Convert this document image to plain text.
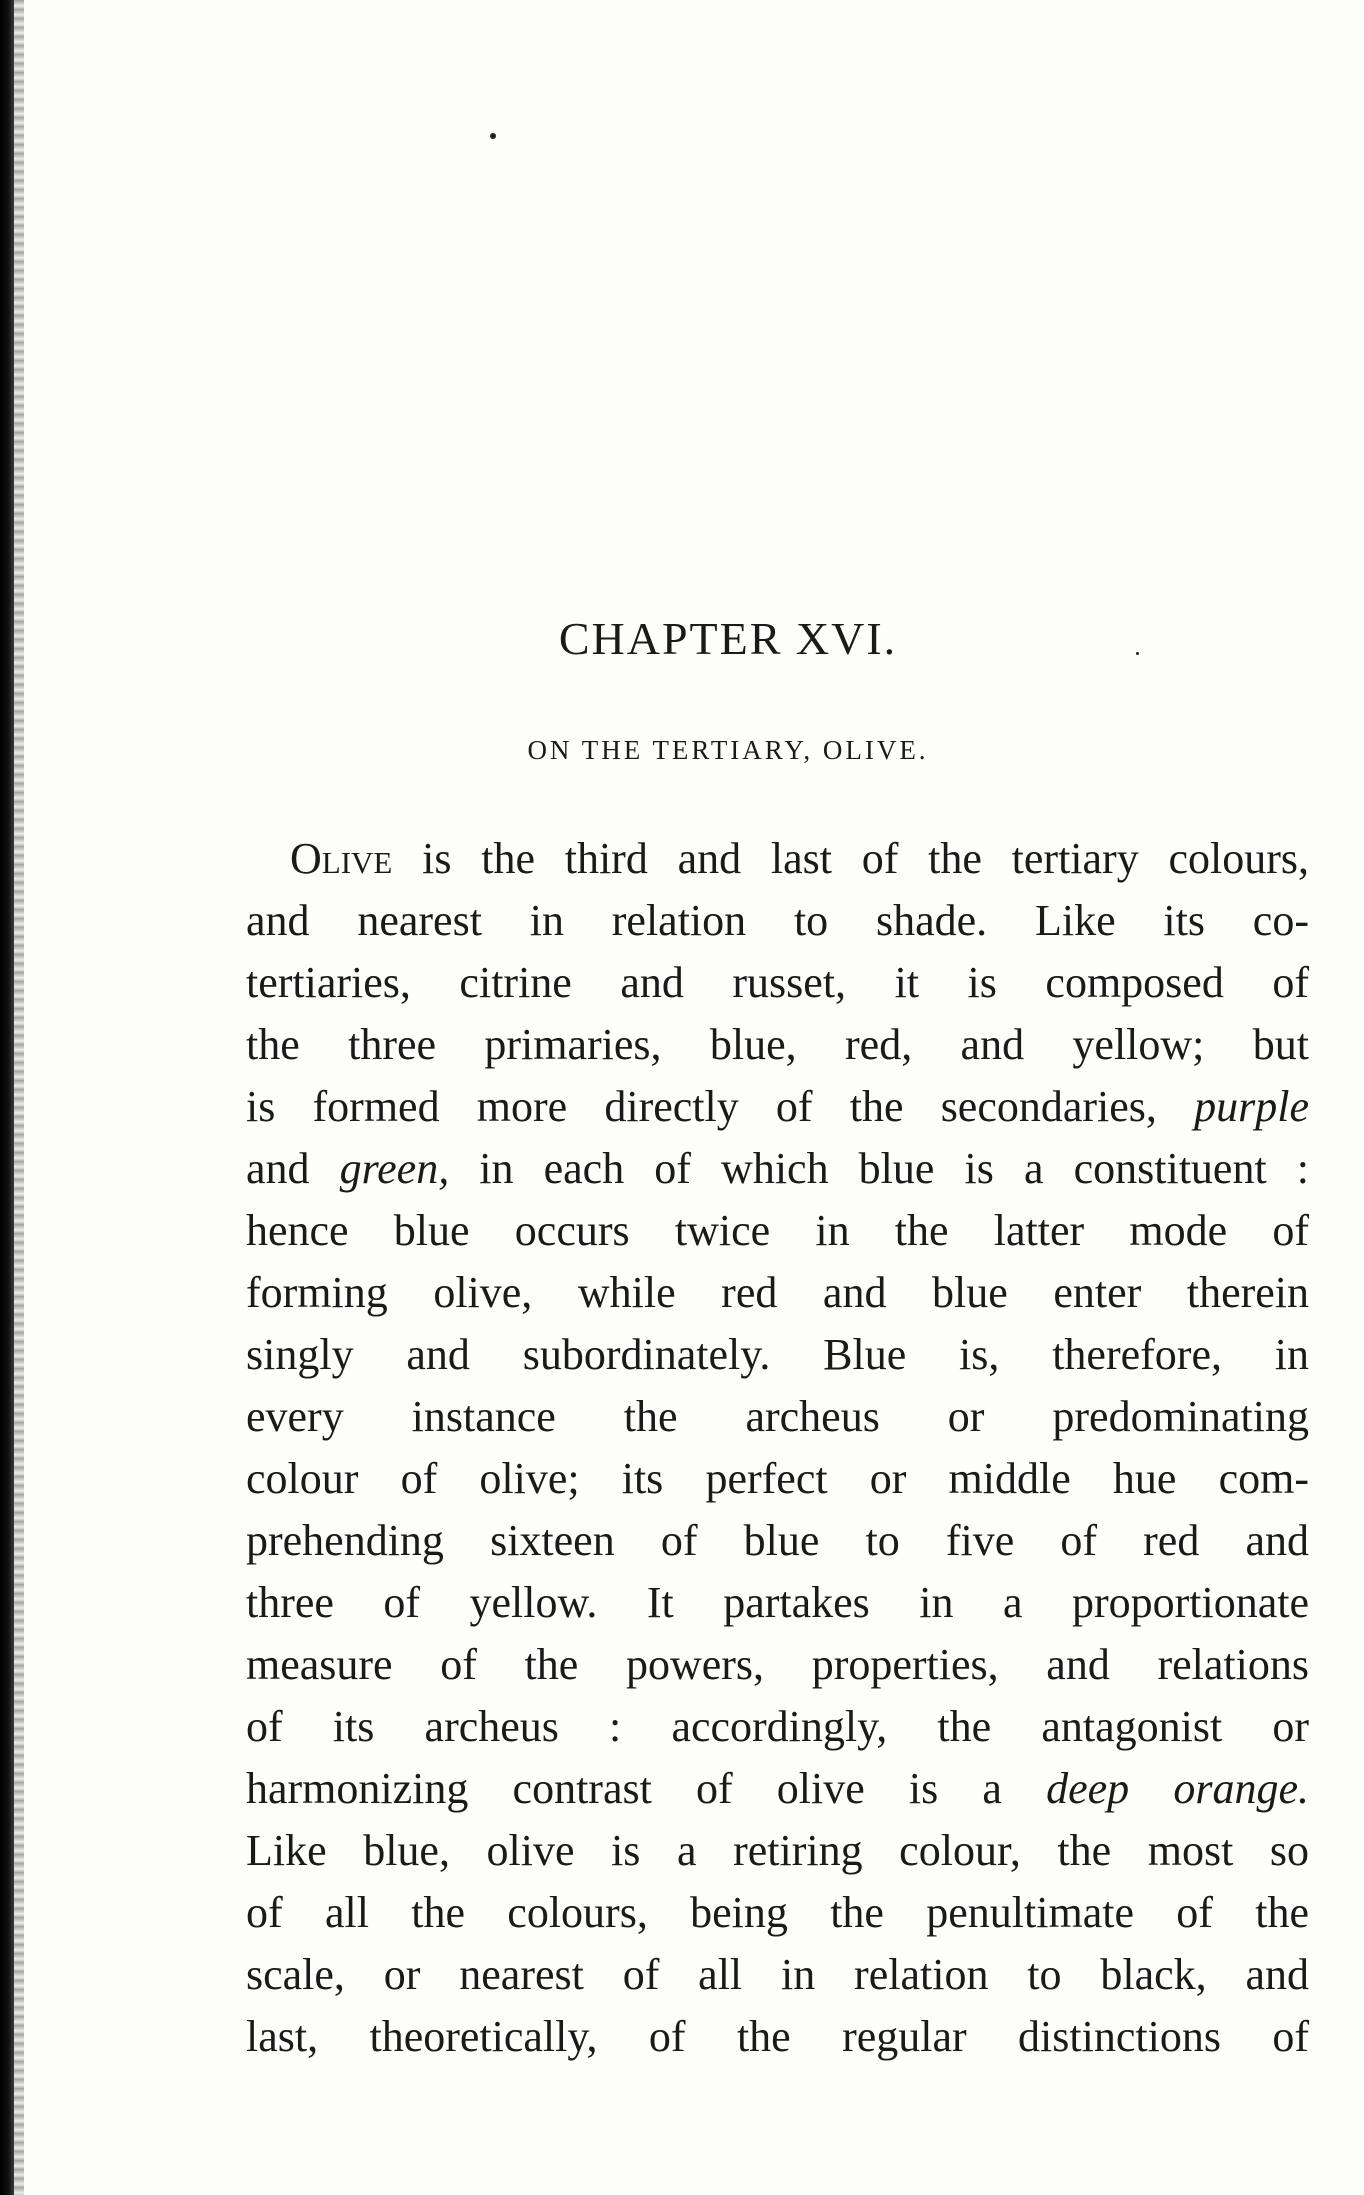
CHAPTER XVI.
ON THE TERTIARY, OLIVE.
Olive is the third and last of the tertiary colours,
and nearest in relation to shade. Like its co-
tertiaries, citrine and russet, it is composed of
the three primaries, blue, red, and yellow; but
is formed more directly of the secondaries, purple
and green, in each of which blue is a constituent :
hence blue occurs twice in the latter mode of
forming olive, while red and blue enter therein
singly and subordinately. Blue is, therefore, in
every instance the archeus or predominating
colour of olive; its perfect or middle hue com-
prehending sixteen of blue to five of red and
three of yellow. It partakes in a proportionate
measure of the powers, properties, and relations
of its archeus : accordingly, the antagonist or
harmonizing contrast of olive is a deep orange.
Like blue, olive is a retiring colour, the most so
of all the colours, being the penultimate of the
scale, or nearest of all in relation to black, and
last, theoretically, of the regular distinctions of
